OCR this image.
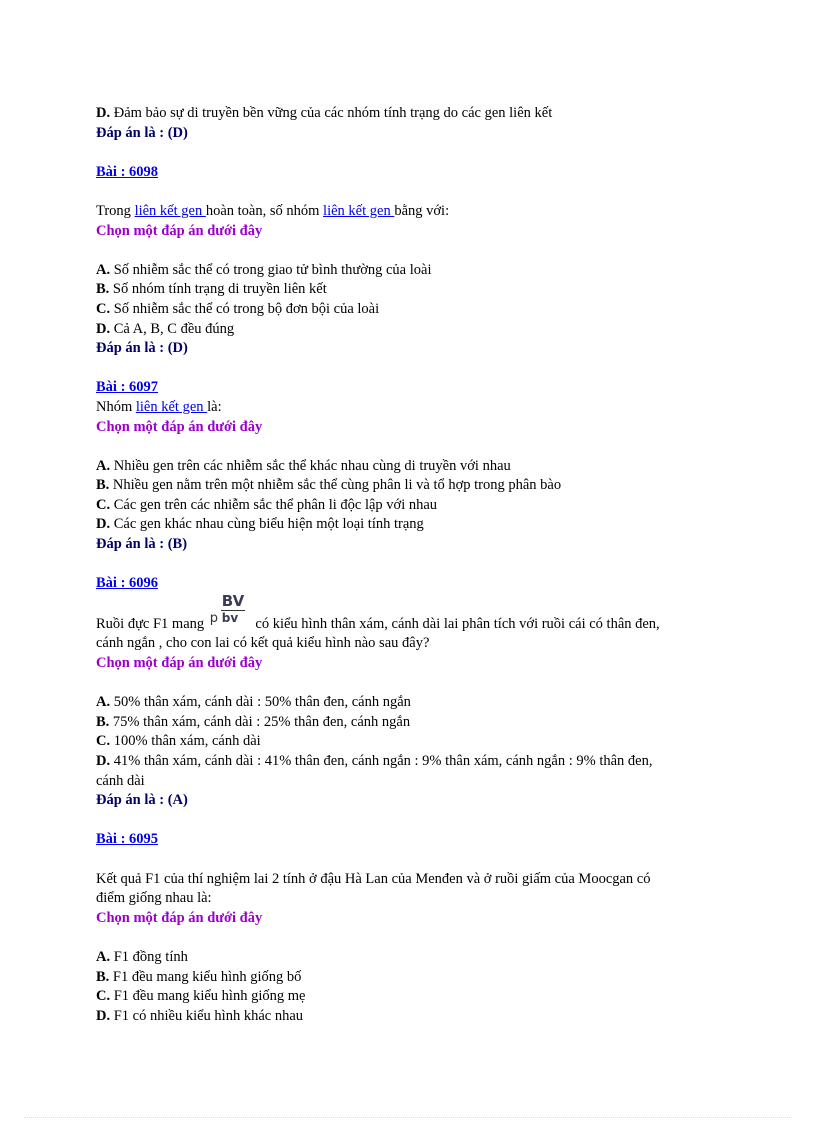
D. Đảm bảo sự di truyền bền vững của các nhóm tính trạng do các gen liên kết
Đáp án là : (D)
Bài : 6098
Trong liên kết gen hoàn toàn, số nhóm liên kết gen bằng với:
Chọn một đáp án dưới đây
A. Số nhiễm sắc thể có trong giao tử bình thường của loài
B. Số nhóm tính trạng di truyền liên kết
C. Số nhiễm sắc thể có trong bộ đơn bội của loài
D. Cả A, B, C đều đúng
Đáp án là : (D)
Bài : 6097
Nhóm liên kết gen là:
Chọn một đáp án dưới đây
A. Nhiều gen trên các nhiễm sắc thể khác nhau cùng di truyền với nhau
B. Nhiều gen nằm trên một nhiễm sắc thể cùng phân li và tổ hợp trong phân bào
C. Các gen trên các nhiễm sắc thể phân li độc lập với nhau
D. Các gen khác nhau cùng biểu hiện một loại tính trạng
Đáp án là : (B)
Bài : 6096
Ruồi đực F1 mang p
BV
bv có kiểu hình thân xám, cánh dài lai phân tích với ruồi cái có thân đen,
cánh ngắn , cho con lai có kết quả kiểu hình nào sau đây?
Chọn một đáp án dưới đây
A. 50% thân xám, cánh dài : 50% thân đen, cánh ngắn
B. 75% thân xám, cánh dài : 25% thân đen, cánh ngắn
C. 100% thân xám, cánh dài
D. 41% thân xám, cánh dài : 41% thân đen, cánh ngắn : 9% thân xám, cánh ngắn : 9% thân đen,
cánh dài
Đáp án là : (A)
Bài : 6095
Kết quả F1 của thí nghiệm lai 2 tính ở đậu Hà Lan của Menđen và ở ruồi giấm của Moocgan có
điểm giống nhau là:
Chọn một đáp án dưới đây
A. F1 đồng tính
B. F1 đều mang kiểu hình giống bố
C. F1 đều mang kiểu hình giống mẹ
D. F1 có nhiều kiểu hình khác nhau
